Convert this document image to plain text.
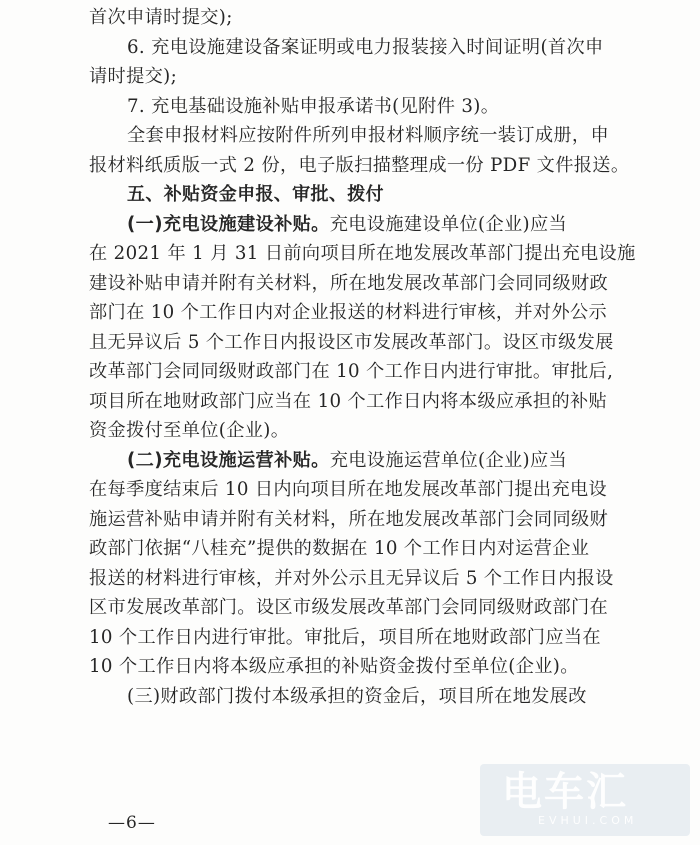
首次申请时提交);
6. 充电设施建设备案证明或电力报装接入时间证明(首次申
请时提交);
7. 充电基础设施补贴申报承诺书(见附件 3)。
全套申报材料应按附件所列申报材料顺序统一装订成册，申
报材料纸质版一式 2 份，电子版扫描整理成一份 PDF 文件报送。
五、补贴资金申报、审批、拨付
(一)充电设施建设补贴。充电设施建设单位(企业)应当
在 2021 年 1 月 31 日前向项目所在地发展改革部门提出充电设施
建设补贴申请并附有关材料，所在地发展改革部门会同同级财政
部门在 10 个工作日内对企业报送的材料进行审核，并对外公示
且无异议后 5 个工作日内报设区市发展改革部门。设区市级发展
改革部门会同同级财政部门在 10 个工作日内进行审批。审批后,
项目所在地财政部门应当在 10 个工作日内将本级应承担的补贴
资金拨付至单位(企业)。
(二)充电设施运营补贴。充电设施运营单位(企业)应当
在每季度结束后 10 日内向项目所在地发展改革部门提出充电设
施运营补贴申请并附有关材料，所在地发展改革部门会同同级财
政部门依据“八桂充”提供的数据在 10 个工作日内对运营企业
报送的材料进行审核，并对外公示且无异议后 5 个工作日内报设
区市发展改革部门。设区市级发展改革部门会同同级财政部门在
10 个工作日内进行审批。审批后，项目所在地财政部门应当在
10 个工作日内将本级应承担的补贴资金拨付至单位(企业)。
(三)财政部门拨付本级承担的资金后，项目所在地发展改
—6—
电车汇
EVHUI.COM
